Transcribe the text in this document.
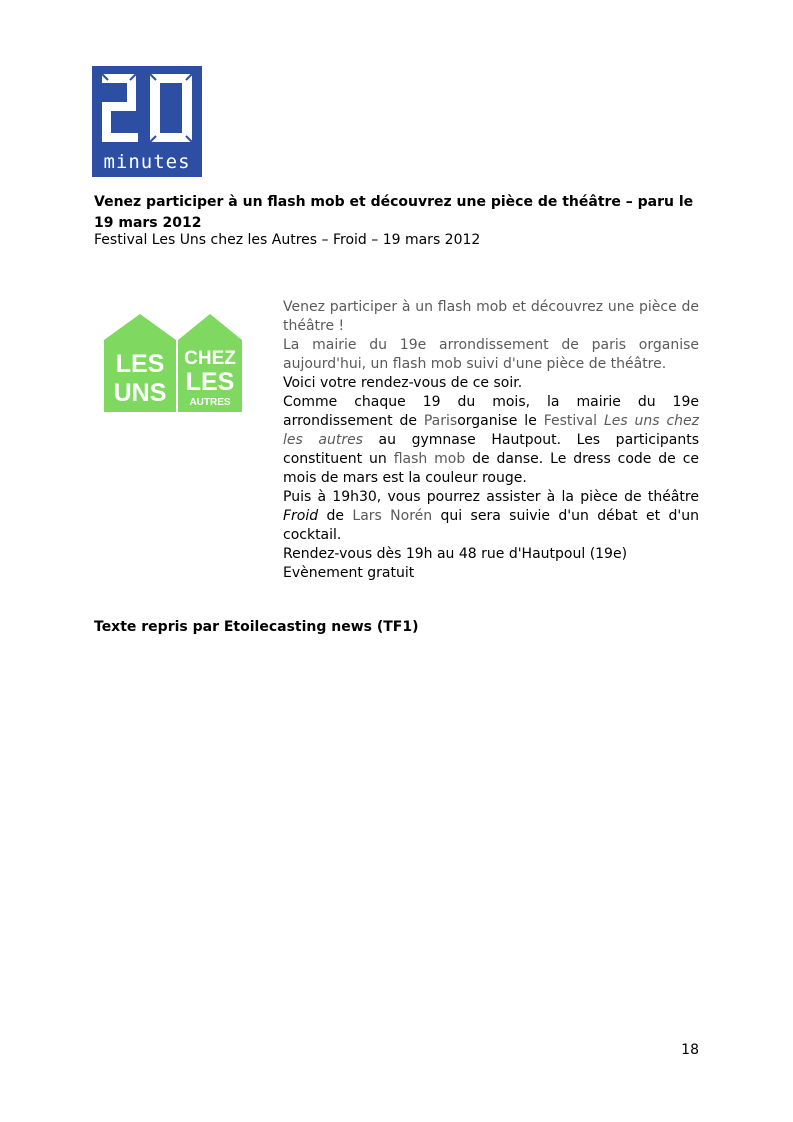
minutes
Venez participer à un flash mob et découvrez une pièce de théâtre – paru le 19 mars 2012
Festival Les Uns chez les Autres – Froid – 19 mars 2012
LES
UNS
CHEZ
LES
AUTRES

Venez participer à un flash mob et découvrez une pièce de théâtre !

La mairie du 19e arrondissement de paris organise aujourd'hui, un flash mob suivi d'une pièce de théâtre.

Voici votre rendez-vous de ce soir.

Comme chaque 19 du mois, la mairie du 19e arrondissement de Parisorganise le Festival Les uns chez les autres au gymnase Hautpout. Les participants constituent un flash mob de danse. Le dress code de ce mois de mars est la couleur rouge.

Puis à 19h30, vous pourrez assister à la pièce de théâtre Froid de Lars Norén qui sera suivie d'un débat et d'un cocktail.

Rendez-vous dès 19h au 48 rue d'Hautpoul (19e)

Evènement gratuit

Texte repris par Etoilecasting news (TF1)
18
